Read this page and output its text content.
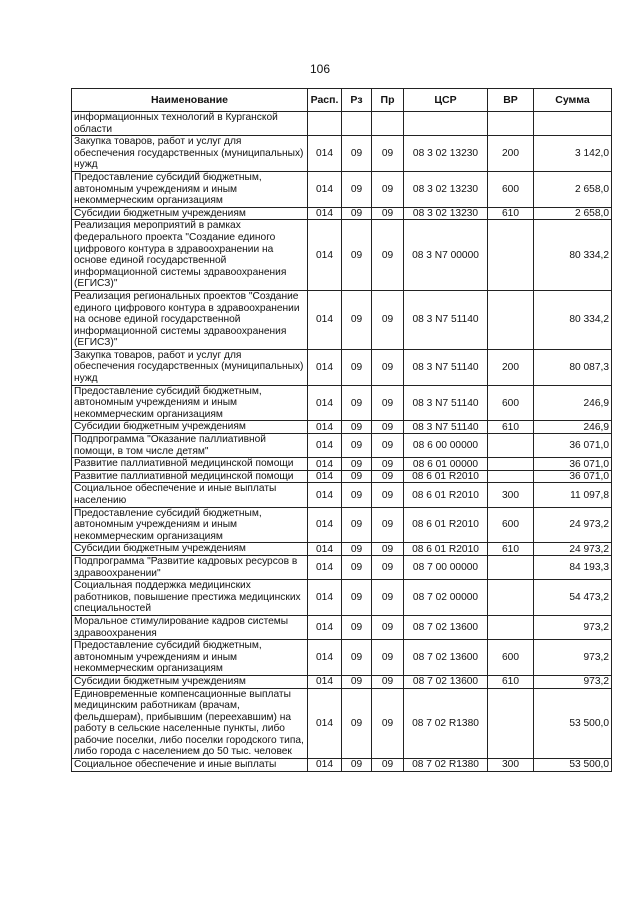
106
Наименование	Расп.	Рз	Пр	ЦСР	ВР	Сумма
информационных технологий в Курганской области						
Закупка товаров, работ и услуг для обеспечения государственных (муниципальных) нужд	014	09	09	08 3 02 13230	200	3 142,0
Предоставление субсидий бюджетным, автономным учреждениям и иным некоммерческим организациям	014	09	09	08 3 02 13230	600	2 658,0
Субсидии бюджетным учреждениям	014	09	09	08 3 02 13230	610	2 658,0
Реализация мероприятий в рамках федерального проекта "Создание единого цифрового контура в здравоохранении на основе единой государственной информационной системы здравоохранения (ЕГИСЗ)"	014	09	09	08 3 N7 00000		80 334,2
Реализация региональных проектов "Создание единого цифрового контура в здравоохранении на основе единой государственной информационной системы здравоохранения (ЕГИСЗ)"	014	09	09	08 3 N7 51140		80 334,2
Закупка товаров, работ и услуг для обеспечения государственных (муниципальных) нужд	014	09	09	08 3 N7 51140	200	80 087,3
Предоставление субсидий бюджетным, автономным учреждениям и иным некоммерческим организациям	014	09	09	08 3 N7 51140	600	246,9
Субсидии бюджетным учреждениям	014	09	09	08 3 N7 51140	610	246,9
Подпрограмма "Оказание паллиативной помощи, в том числе детям"	014	09	09	08 6 00 00000		36 071,0
Развитие паллиативной медицинской помощи	014	09	09	08 6 01 00000		36 071,0
Развитие паллиативной медицинской помощи	014	09	09	08 6 01 R2010		36 071,0
Социальное обеспечение и иные выплаты населению	014	09	09	08 6 01 R2010	300	11 097,8
Предоставление субсидий бюджетным, автономным учреждениям и иным некоммерческим организациям	014	09	09	08 6 01 R2010	600	24 973,2
Субсидии бюджетным учреждениям	014	09	09	08 6 01 R2010	610	24 973,2
Подпрограмма "Развитие кадровых ресурсов в здравоохранении"	014	09	09	08 7 00 00000		84 193,3
Социальная поддержка медицинских работников, повышение престижа медицинских специальностей	014	09	09	08 7 02 00000		54 473,2
Моральное стимулирование кадров системы здравоохранения	014	09	09	08 7 02 13600		973,2
Предоставление субсидий бюджетным, автономным учреждениям и иным некоммерческим организациям	014	09	09	08 7 02 13600	600	973,2
Субсидии бюджетным учреждениям	014	09	09	08 7 02 13600	610	973,2
Единовременные компенсационные выплаты медицинским работникам (врачам, фельдшерам), прибывшим (переехавшим) на работу в сельские населенные пункты, либо рабочие поселки, либо поселки городского типа, либо города с населением до 50 тыс. человек	014	09	09	08 7 02 R1380		53 500,0
Социальное обеспечение и иные выплаты	014	09	09	08 7 02 R1380	300	53 500,0
